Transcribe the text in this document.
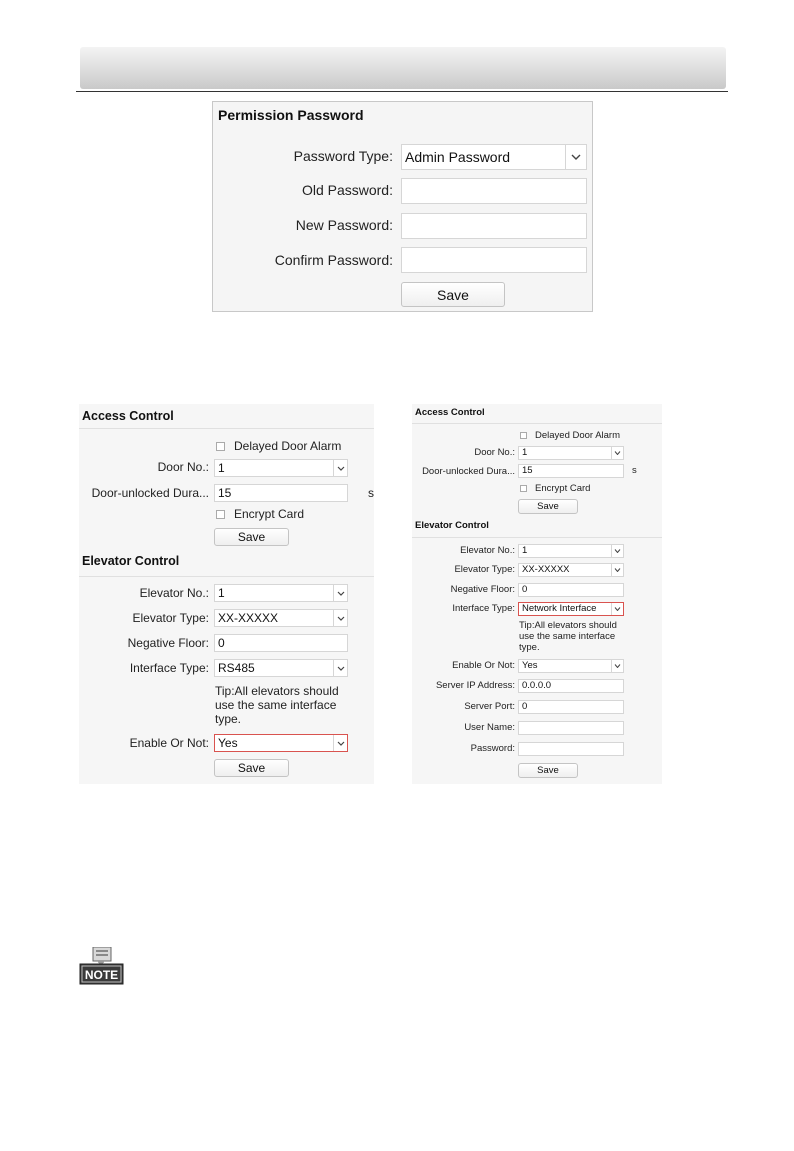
Permission Password
Password Type: Admin Password
Old Password:
New Password:
Confirm Password:
Save
Access Control
Delayed Door Alarm
Door No.: 1
Door-unlocked Dura... 15	s
Encrypt Card
Save
Elevator Control
Elevator No.: 1
Elevator Type: XX-XXXXX
Negative Floor: 0
Interface Type: RS485
Tip:All elevators should use the same interface type.
Enable Or Not: Yes
Save
Access Control
Delayed Door Alarm
Door No.: 1
Door-unlocked Dura... 15	s
Encrypt Card
Save
Elevator Control
Elevator No.: 1
Elevator Type: XX-XXXXX
Negative Floor: 0
Interface Type: Network Interface
Tip:All elevators should use the same interface type.
Enable Or Not: Yes
Server IP Address: 0.0.0.0
Server Port: 0
User Name:
Password:
Save
NOTE
